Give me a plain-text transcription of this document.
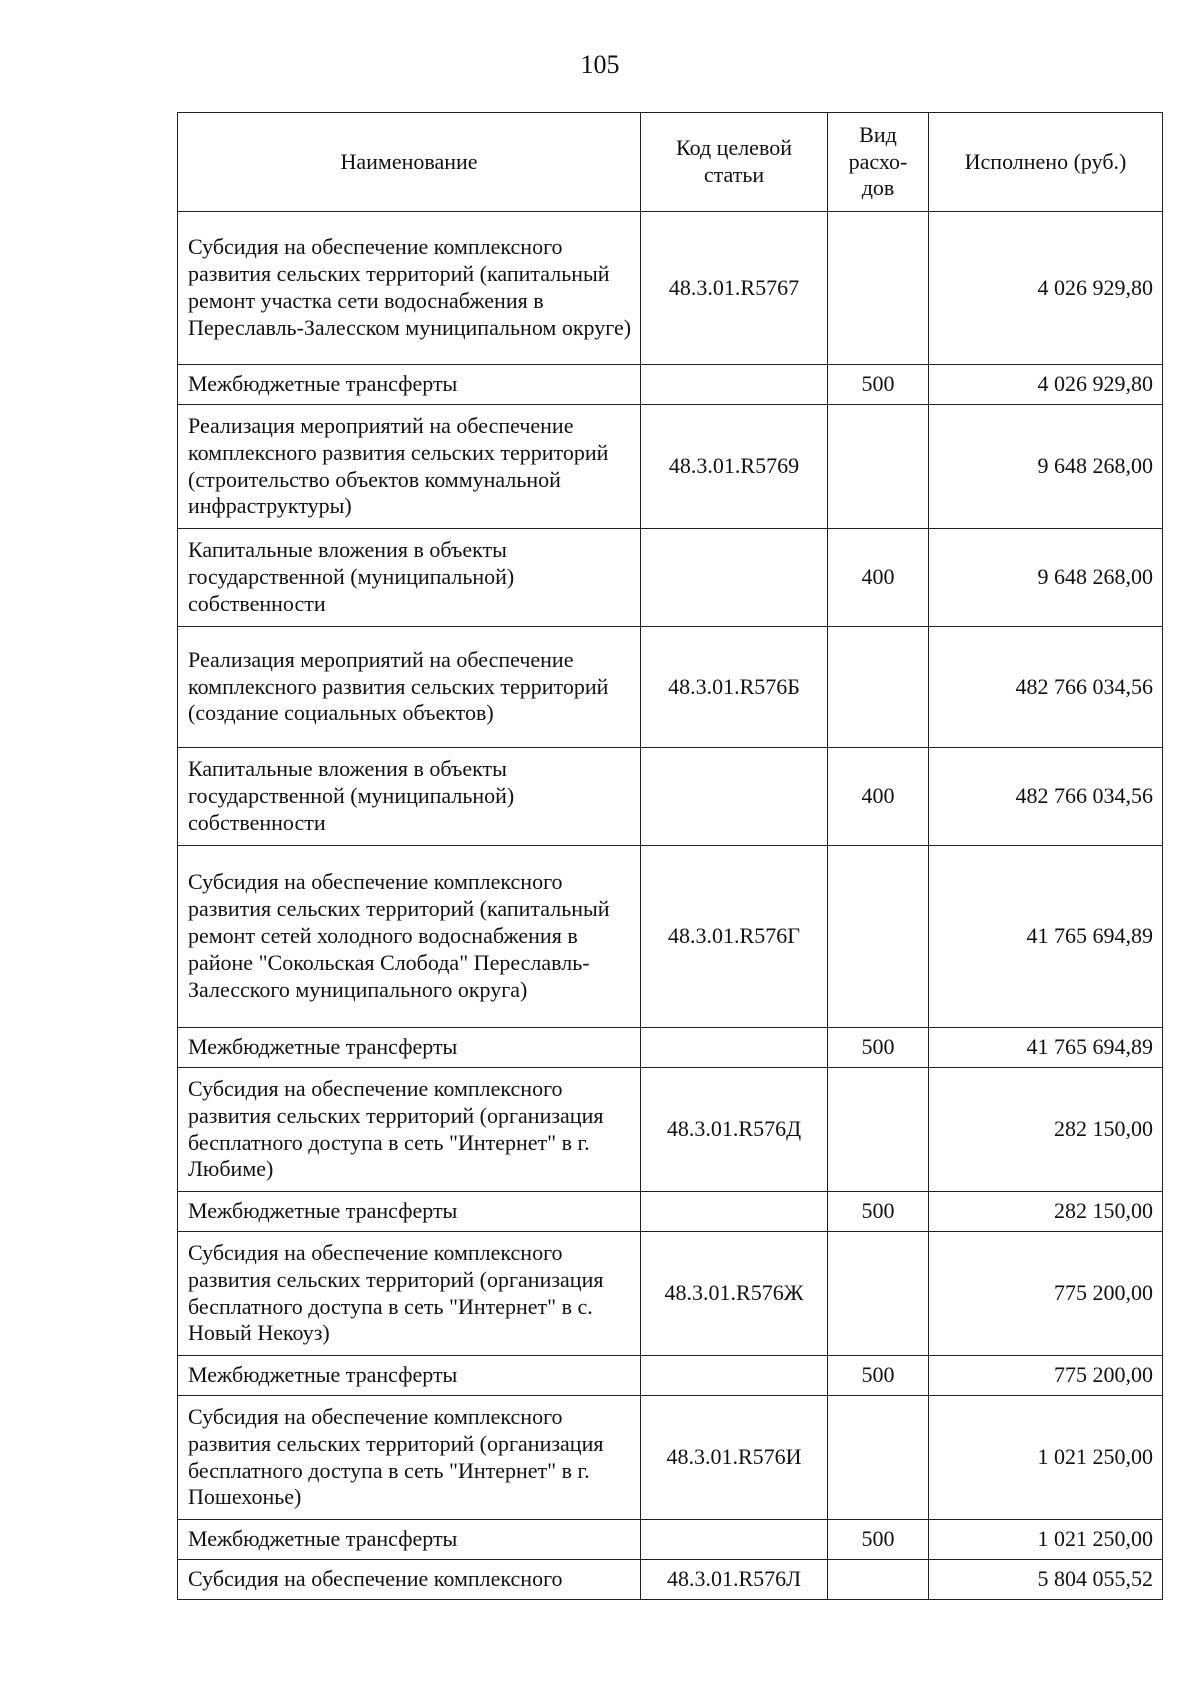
105
Наименование	Код целевой статьи	Вид расхо-дов	Исполнено (руб.)
Субсидия на обеспечение комплексного развития сельских территорий (капитальный ремонт участка сети водоснабжения в Переславль-Залесском муниципальном округе)	48.3.01.R5767		4 026 929,80
Межбюджетные трансферты		500	4 026 929,80
Реализация мероприятий на обеспечение комплексного развития сельских территорий (строительство объектов коммунальной инфраструктуры)	48.3.01.R5769		9 648 268,00
Капитальные вложения в объекты государственной (муниципальной) собственности		400	9 648 268,00
Реализация мероприятий на обеспечение комплексного развития сельских территорий (создание социальных объектов)	48.3.01.R576Б		482 766 034,56
Капитальные вложения в объекты государственной (муниципальной) собственности		400	482 766 034,56
Субсидия на обеспечение комплексного развития сельских территорий (капитальный ремонт сетей холодного водоснабжения в районе "Сокольская Слобода" Переславль-Залесского муниципального округа)	48.3.01.R576Г		41 765 694,89
Межбюджетные трансферты		500	41 765 694,89
Субсидия на обеспечение комплексного развития сельских территорий (организация бесплатного доступа в сеть "Интернет" в г. Любиме)	48.3.01.R576Д		282 150,00
Межбюджетные трансферты		500	282 150,00
Субсидия на обеспечение комплексного развития сельских территорий (организация бесплатного доступа в сеть "Интернет" в с. Новый Некоуз)	48.3.01.R576Ж		775 200,00
Межбюджетные трансферты		500	775 200,00
Субсидия на обеспечение комплексного развития сельских территорий (организация бесплатного доступа в сеть "Интернет" в г. Пошехонье)	48.3.01.R576И		1 021 250,00
Межбюджетные трансферты		500	1 021 250,00
Субсидия на обеспечение комплексного	48.3.01.R576Л		5 804 055,52
